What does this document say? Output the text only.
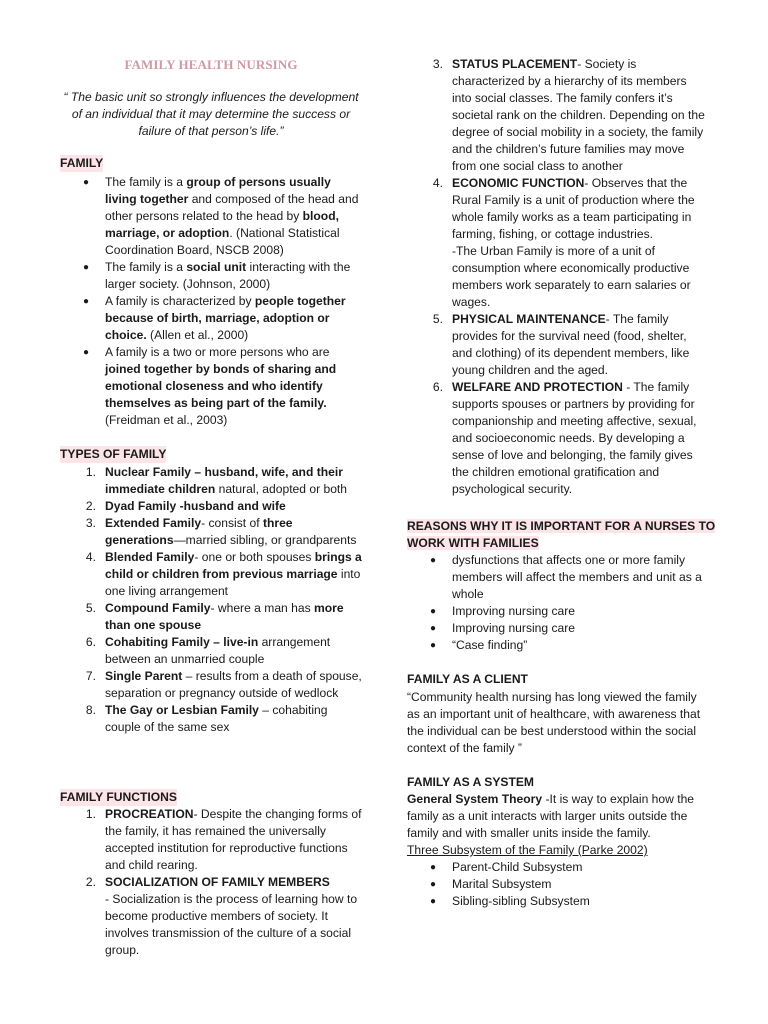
FAMILY HEALTH NURSING
“ The basic unit so strongly influences the development of an individual that it may determine the success or failure of that person’s life.”
FAMILY
● The family is a group of persons usually living together and composed of the head and other persons related to the head by blood, marriage, or adoption. (National Statistical Coordination Board, NSCB 2008)
● The family is a social unit interacting with the larger society. (Johnson, 2000)
● A family is characterized by people together because of birth, marriage, adoption or choice. (Allen et al., 2000)
● A family is a two or more persons who are joined together by bonds of sharing and emotional closeness and who identify themselves as being part of the family. (Freidman et al., 2003)
TYPES OF FAMILY
1. Nuclear Family – husband, wife, and their immediate children natural, adopted or both
2. Dyad Family -husband and wife
3. Extended Family- consist of three generations—married sibling, or grandparents
4. Blended Family- one or both spouses brings a child or children from previous marriage into one living arrangement
5. Compound Family- where a man has more than one spouse
6. Cohabiting Family – live-in arrangement between an unmarried couple
7. Single Parent – results from a death of spouse, separation or pregnancy outside of wedlock
8. The Gay or Lesbian Family – cohabiting couple of the same sex
FAMILY FUNCTIONS
1. PROCREATION- Despite the changing forms of the family, it has remained the universally accepted institution for reproductive functions and child rearing.
2. SOCIALIZATION OF FAMILY MEMBERS
- Socialization is the process of learning how to become productive members of society. It involves transmission of the culture of a social group.
3. STATUS PLACEMENT- Society is characterized by a hierarchy of its members into social classes. The family confers it’s societal rank on the children. Depending on the degree of social mobility in a society, the family and the children’s future families may move from one social class to another
4. ECONOMIC FUNCTION- Observes that the Rural Family is a unit of production where the whole family works as a team participating in farming, fishing, or cottage industries.
-The Urban Family is more of a unit of consumption where economically productive members work separately to earn salaries or wages.
5. PHYSICAL MAINTENANCE- The family provides for the survival need (food, shelter, and clothing) of its dependent members, like young children and the aged.
6. WELFARE AND PROTECTION - The family supports spouses or partners by providing for companionship and meeting affective, sexual, and socioeconomic needs. By developing a sense of love and belonging, the family gives the children emotional gratification and psychological security.
REASONS WHY IT IS IMPORTANT FOR A NURSES TO WORK WITH FAMILIES
● dysfunctions that affects one or more family members will affect the members and unit as a whole
● Improving nursing care
● Improving nursing care
● “Case finding”
FAMILY AS A CLIENT

“Community health nursing has long viewed the family as an important unit of healthcare, with awareness that the individual can be best understood within the social context of the family ”

FAMILY AS A SYSTEM

General System Theory -It is way to explain how the family as a unit interacts with larger units outside the family and with smaller units inside the family.

Three Subsystem of the Family (Parke 2002)
● Parent-Child Subsystem
● Marital Subsystem
● Sibling-sibling Subsystem
